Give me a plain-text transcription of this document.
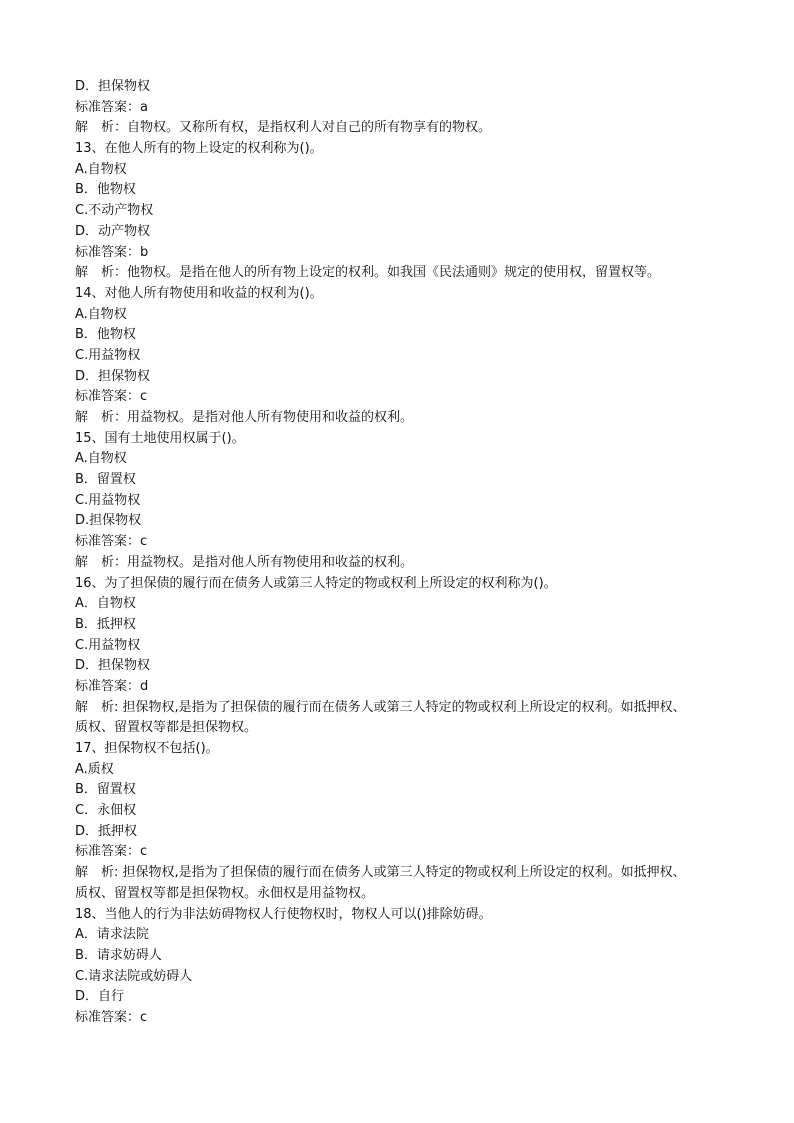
D．担保物权
标准答案：a
解　析：自物权。又称所有权，是指权利人对自己的所有物享有的物权。
13、在他人所有的物上设定的权利称为()。
A.自物权
B．他物权
C.不动产物权
D．动产物权
标准答案：b
解　析：他物权。是指在他人的所有物上设定的权利。如我国《民法通则》规定的使用权，留置权等。
14、对他人所有物使用和收益的权利为()。
A.自物权
B．他物权
C.用益物权
D．担保物权
标准答案：c
解　析：用益物权。是指对他人所有物使用和收益的权利。
15、国有土地使用权属于()。
A.自物权
B．留置权
C.用益物权
D.担保物权
标准答案：c
解　析：用益物权。是指对他人所有物使用和收益的权利。
16、为了担保债的履行而在债务人或第三人特定的物或权利上所设定的权利称为()。
A．自物权
B．抵押权
C.用益物权
D．担保物权
标准答案：d
解　析: 担保物权,是指为了担保债的履行而在债务人或第三人特定的物或权利上所设定的权利。如抵押权、
质权、留置权等都是担保物权。
17、担保物权不包括()。
A.质权
B．留置权
C．永佃权
D．抵押权
标准答案：c
解　析: 担保物权,是指为了担保债的履行而在债务人或第三人特定的物或权利上所设定的权利。如抵押权、
质权、留置权等都是担保物权。永佃权是用益物权。
18、当他人的行为非法妨碍物权人行使物权时，物权人可以()排除妨碍。
A．请求法院
B．请求妨碍人
C.请求法院或妨碍人
D．自行
标准答案：c
